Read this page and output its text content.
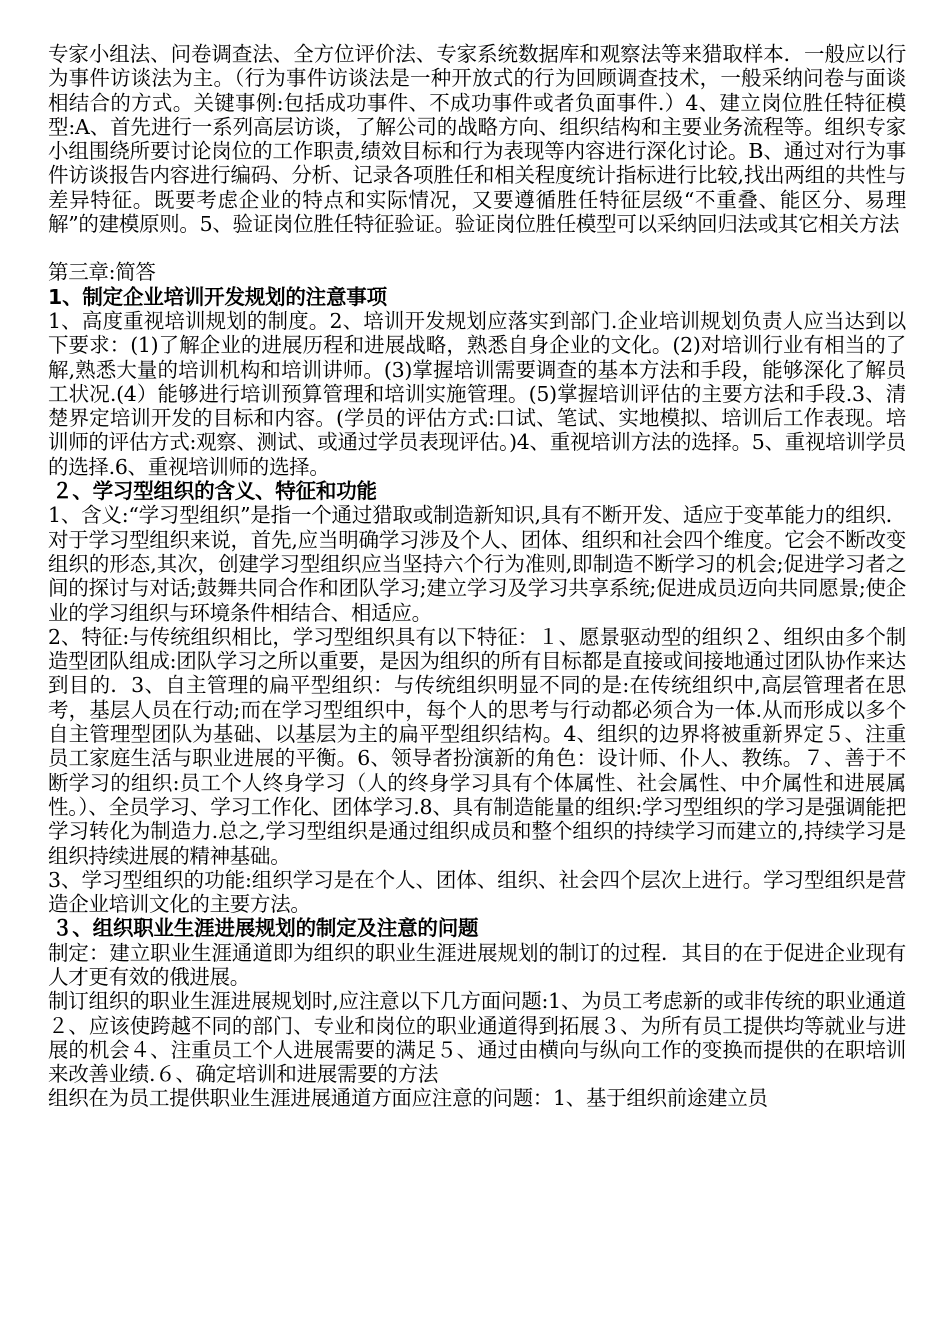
专家小组法、问卷调查法、全方位评价法、专家系统数据库和观察法等来猎取样本．一般应以行为事件访谈法为主。（行为事件访谈法是一种开放式的行为回顾调查技术，一般采纳问卷与面谈相结合的方式。关键事例:包括成功事件、不成功事件或者负面事件.）4、建立岗位胜任特征模型:A、首先进行一系列高层访谈，了解公司的战略方向、组织结构和主要业务流程等。组织专家小组围绕所要讨论岗位的工作职责,绩效目标和行为表现等内容进行深化讨论。B、通过对行为事件访谈报告内容进行编码、分析、记录各项胜任和相关程度统计指标进行比较,找出两组的共性与差异特征。既要考虑企业的特点和实际情况，又要遵循胜任特征层级“不重叠、能区分、易理解”的建模原则。5、验证岗位胜任特征验证。验证岗位胜任模型可以采纳回归法或其它相关方法

第三章:简答

1、制定企业培训开发规划的注意事项

1、高度重视培训规划的制度。2、培训开发规划应落实到部门.企业培训规划负责人应当达到以下要求：(1)了解企业的进展历程和进展战略，熟悉自身企业的文化。(2)对培训行业有相当的了解,熟悉大量的培训机构和培训讲师。(3)掌握培训需要调查的基本方法和手段，能够深化了解员工状况.(4）能够进行培训预算管理和培训实施管理。(5)掌握培训评估的主要方法和手段.3、清楚界定培训开发的目标和内容。(学员的评估方式:口试、笔试、实地模拟、培训后工作表现。培训师的评估方式:观察、测试、或通过学员表现评估。)4、重视培训方法的选择。5、重视培训学员的选择.6、重视培训师的选择。

２、学习型组织的含义、特征和功能

1、含义:“学习型组织”是指一个通过猎取或制造新知识,具有不断开发、适应于变革能力的组织．对于学习型组织来说，首先,应当明确学习涉及个人、团体、组织和社会四个维度。它会不断改变组织的形态,其次，创建学习型组织应当坚持六个行为准则,即制造不断学习的机会;促进学习者之间的探讨与对话;鼓舞共同合作和团队学习;建立学习及学习共享系统;促进成员迈向共同愿景;使企业的学习组织与环境条件相结合、相适应。

2、特征:与传统组织相比，学习型组织具有以下特征：１、愿景驱动型的组织２、组织由多个制造型团队组成:团队学习之所以重要，是因为组织的所有目标都是直接或间接地通过团队协作来达到目的．3、自主管理的扁平型组织：与传统组织明显不同的是:在传统组织中,高层管理者在思考，基层人员在行动;而在学习型组织中，每个人的思考与行动都必须合为一体.从而形成以多个自主管理型团队为基础、以基层为主的扁平型组织结构。4、组织的边界将被重新界定５、注重员工家庭生活与职业进展的平衡。6、领导者扮演新的角色：设计师、仆人、教练。７、善于不断学习的组织:员工个人终身学习（人的终身学习具有个体属性、社会属性、中介属性和进展属性。）、全员学习、学习工作化、团体学习.8、具有制造能量的组织:学习型组织的学习是强调能把学习转化为制造力.总之,学习型组织是通过组织成员和整个组织的持续学习而建立的,持续学习是组织持续进展的精神基础。

3、学习型组织的功能:组织学习是在个人、团体、组织、社会四个层次上进行。学习型组织是营造企业培训文化的主要方法。

３、组织职业生涯进展规划的制定及注意的问题

制定：建立职业生涯通道即为组织的职业生涯进展规划的制订的过程．其目的在于促进企业现有人才更有效的俄进展。

制订组织的职业生涯进展规划时,应注意以下几方面问题:1、为员工考虑新的或非传统的职业通道２、应该使跨越不同的部门、专业和岗位的职业通道得到拓展３、为所有员工提供均等就业与进展的机会４、注重员工个人进展需要的满足５、通过由横向与纵向工作的变换而提供的在职培训来改善业绩.６、确定培训和进展需要的方法

组织在为员工提供职业生涯进展通道方面应注意的问题：1、基于组织前途建立员
